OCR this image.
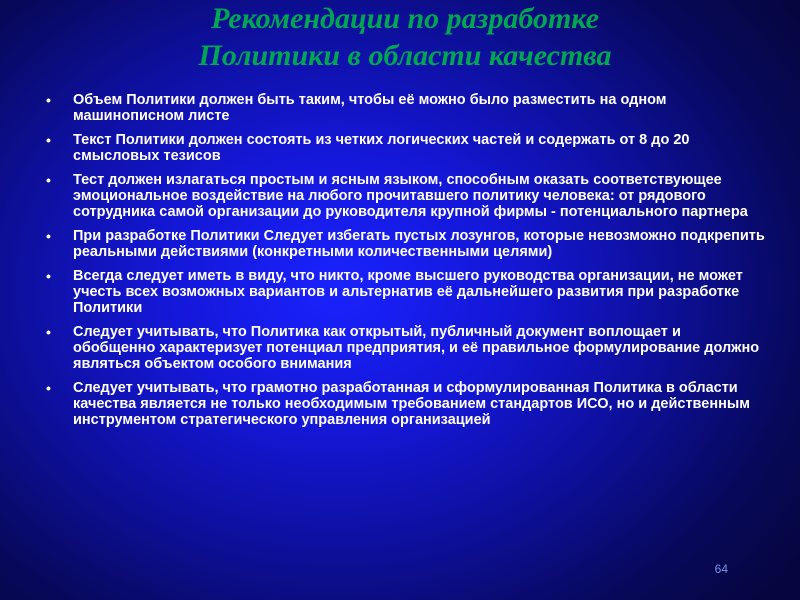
Рекомендации по разработке
Политики в области качества
• Объем Политики должен быть таким, чтобы её можно было разместить на одном машинописном листе
• Текст Политики должен состоять из четких логических частей и содержать от 8 до 20 смысловых тезисов
• Тест должен излагаться простым и ясным языком, способным оказать соответствующее эмоциональное воздействие на любого прочитавшего политику человека: от рядового сотрудника самой организации до руководителя крупной фирмы - потенциального партнера
• При разработке Политики Следует избегать пустых лозунгов, которые невозможно подкрепить реальными действиями (конкретными количественными целями)
• Всегда следует иметь в виду, что никто, кроме высшего руководства организации, не может учесть всех возможных вариантов и альтернатив её дальнейшего развития при разработке Политики
• Следует учитывать, что Политика как открытый, публичный документ воплощает и обобщенно характеризует потенциал предприятия, и её правильное формулирование должно являться объектом особого внимания
• Следует учитывать, что грамотно разработанная и сформулированная Политика в области качества является не только необходимым требованием стандартов ИСО, но и действенным инструментом стратегического управления организацией
64
